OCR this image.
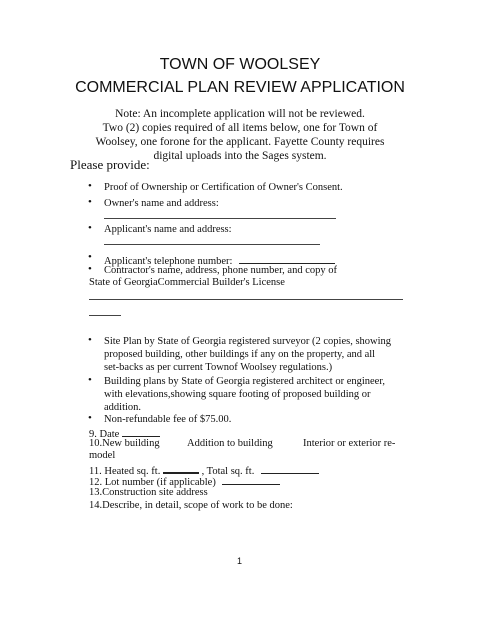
TOWN OF WOOLSEY
COMMERCIAL PLAN REVIEW APPLICATION
Note: An incomplete application will not be reviewed.
Two (2) copies required of all items below, one for Town of
Woolsey, one forone for the applicant. Fayette County requires
digital uploads into the Sages system.
Please provide:
• Proof of Ownership or Certification of Owner's Consent.
• Owner's name and address:
• Applicant's name and address:
• Applicant's telephone number:
• Contractor's name, address, phone number, and copy of
State of GeorgiaCommercial Builder's License
• Site Plan by State of Georgia registered surveyor (2 copies, showing
proposed building, other buildings if any on the property, and all
set-backs as per current Townof Woolsey regulations.)
• Building plans by State of Georgia registered architect or engineer,
with elevations,showing square footing of proposed building or
addition.
• Non-refundable fee of $75.00.
9. Date
10.New building	Addition to building	Interior or exterior re-
model
11. Heated sq. ft.	, Total sq. ft.
12. Lot number (if applicable)
13.Construction site address
14.Describe, in detail, scope of work to be done:
1
